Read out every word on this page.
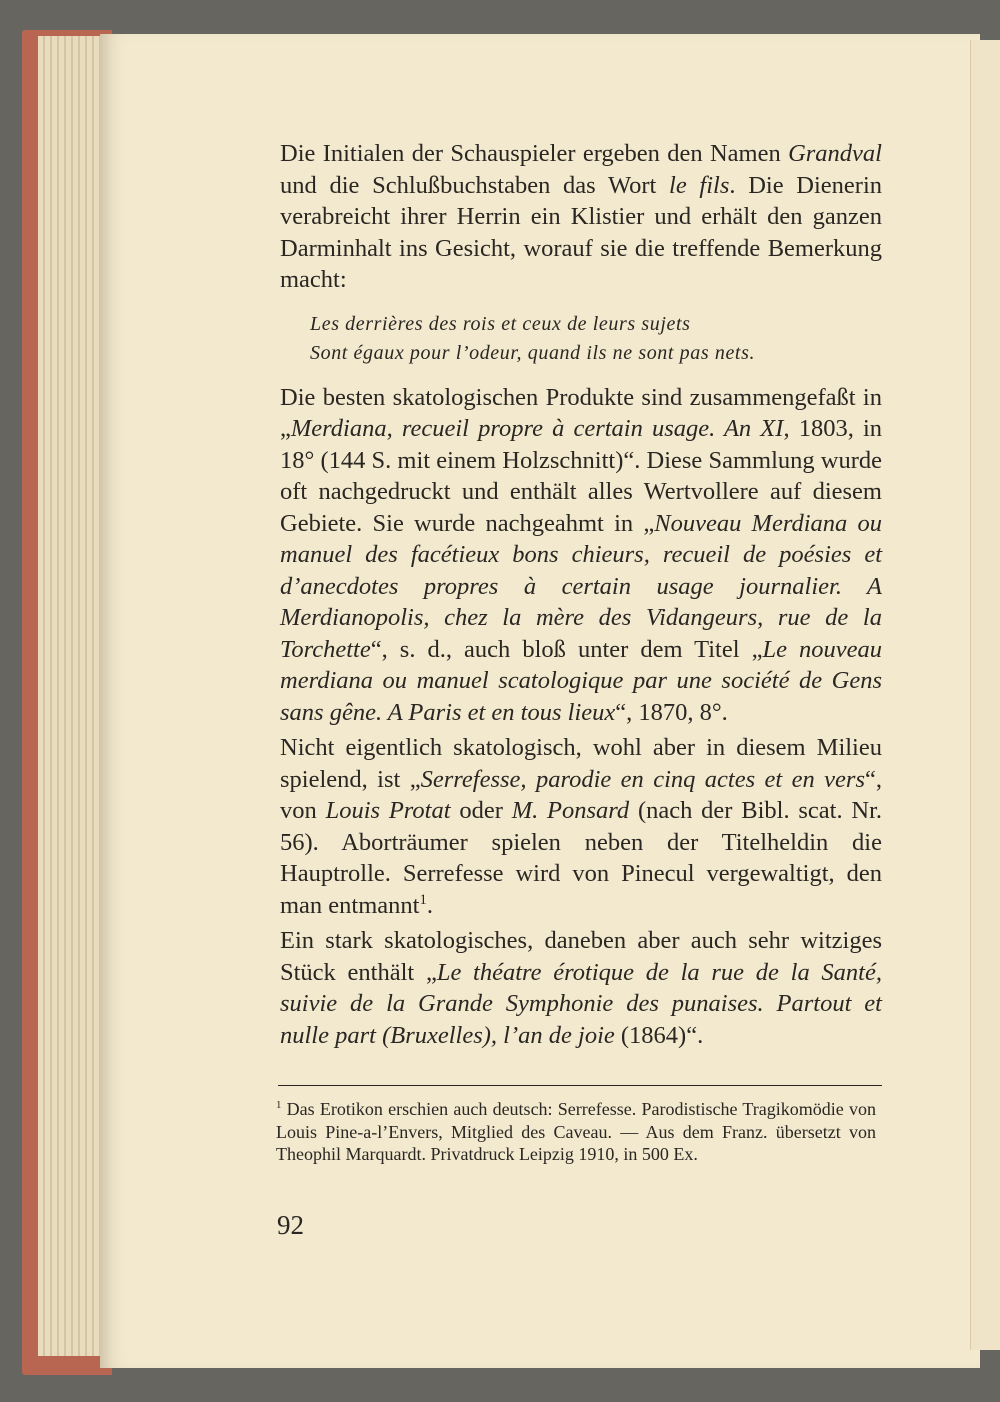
Die Initialen der Schauspieler ergeben den Namen Grandval und die Schlußbuchstaben das Wort le fils. Die Dienerin verabreicht ihrer Herrin ein Klistier und erhält den ganzen Darminhalt ins Gesicht, worauf sie die treffende Bemerkung macht:

Les derrières des rois et ceux de leurs sujets
Sont égaux pour l’odeur, quand ils ne sont pas nets.

Die besten skatologischen Produkte sind zusammengefaßt in „Merdiana, recueil propre à certain usage. An XI, 1803, in 18° (144 S. mit einem Holzschnitt)“. Diese Sammlung wurde oft nachgedruckt und enthält alles Wertvollere auf diesem Gebiete. Sie wurde nachgeahmt in „Nouveau Merdiana ou manuel des facétieux bons chieurs, recueil de poésies et d’anecdotes propres à certain usage journalier. A Merdianopolis, chez la mère des Vidangeurs, rue de la Torchette“, s. d., auch bloß unter dem Titel „Le nouveau merdiana ou manuel scatologique par une société de Gens sans gêne. A Paris et en tous lieux“, 1870, 8°.

Nicht eigentlich skatologisch, wohl aber in diesem Milieu spielend, ist „Serrefesse, parodie en cinq actes et en vers“, von Louis Protat oder M. Ponsard (nach der Bibl. scat. Nr. 56). Aborträumer spielen neben der Titelheldin die Hauptrolle. Serrefesse wird von Pinecul vergewaltigt, den man entmannt$^1$.

Ein stark skatologisches, daneben aber auch sehr witziges Stück enthält „Le théatre érotique de la rue de la Santé, suivie de la Grande Symphonie des punaises. Partout et nulle part (Bruxelles), l’an de joie (1864)“.

$^1$ Das Erotikon erschien auch deutsch: Serrefesse. Parodistische Tragikomödie von Louis Pine-a-l’Envers, Mitglied des Caveau. — Aus dem Franz. übersetzt von Theophil Marquardt. Privatdruck Leipzig 1910, in 500 Ex.
92
